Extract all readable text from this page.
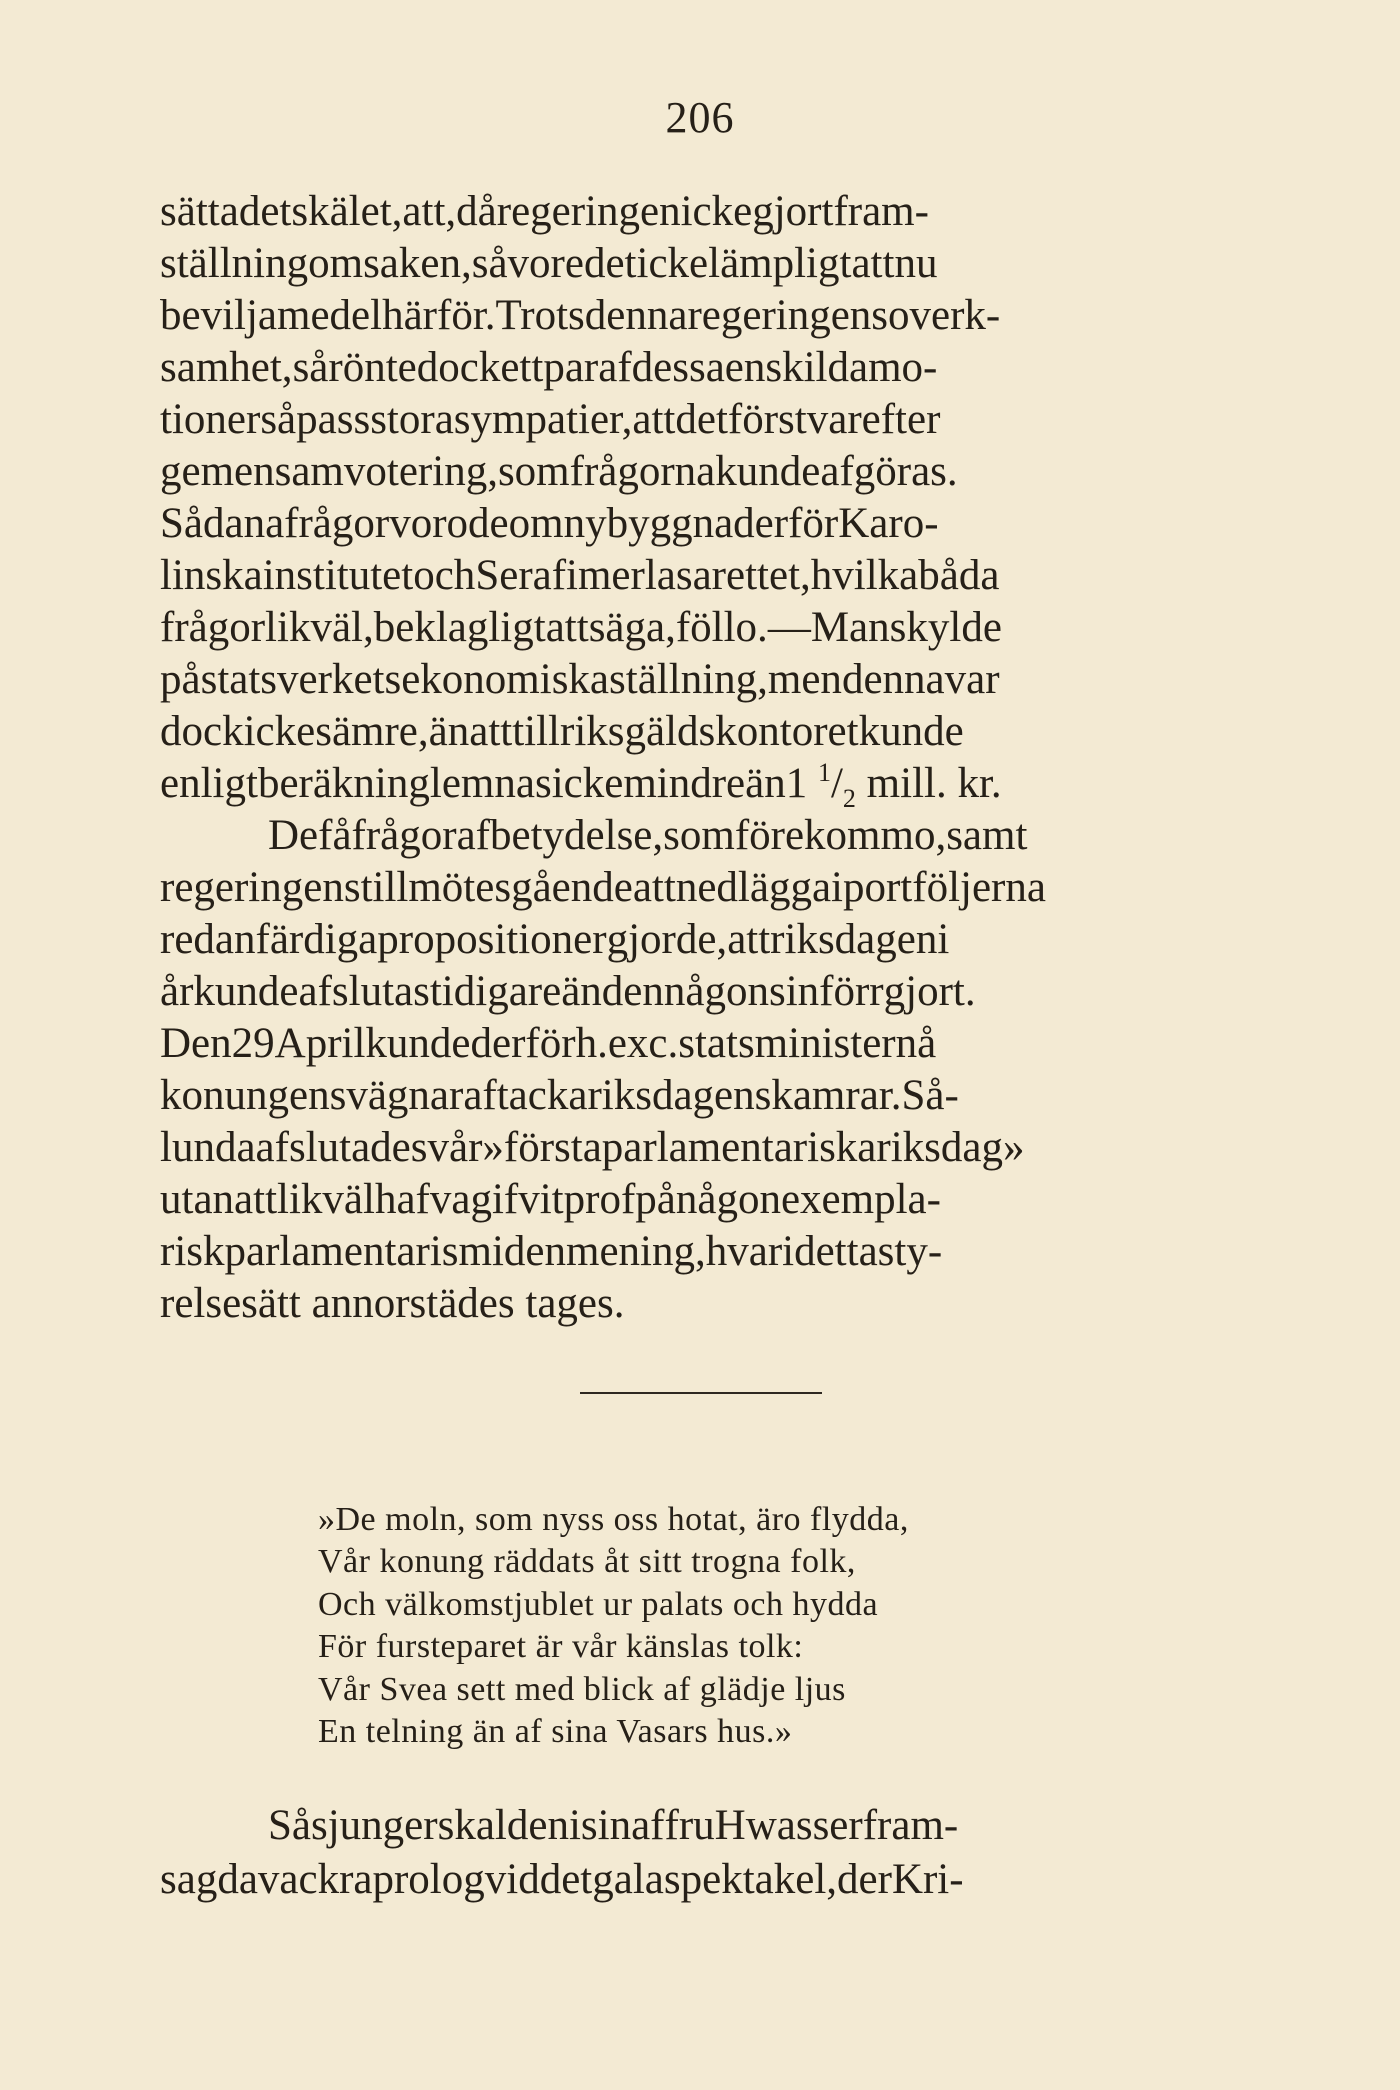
206
sättadetskälet,att,dåregeringenickegjortfram-
ställningomsaken,såvoredetickelämpligtattnu
beviljamedelhärför.Trotsdennaregeringensoverk-
samhet,såröntedockettparafdessaenskildamo-
tionersåpassstorasympatier,attdetförstvarefter
gemensamvotering,somfrågornakundeafgöras.
SådanafrågorvorodeomnybyggnaderförKaro-
linskainstitutetochSerafimerlasarettet,hvilkabåda
frågorlikväl,beklagligtattsäga,föllo.—Manskylde
påstatsverketsekonomiskaställning,mendennavar
dockickesämre,änatttillriksgäldskontoretkunde
enligtberäkninglemnasickemindreän1 $^1/_2$ mill. kr.
Defåfrågorafbetydelse,somförekommo,samt
regeringenstillmötesgåendeattnedläggaiportföljerna
redanfärdigapropositionergjorde,attriksdageni
årkundeafslutastidigareändennågonsinförrgjort.
Den29Aprilkundederförh.exc.statsministernå
konungensvägnaraftackariksdagenskamrar.Så-
lundaafslutadesvår»förstaparlamentariskariksdag»
utanattlikvälhafvagifvitprofpånågonexempla-
riskparlamentarismidenmening,hvaridettasty-
relsesätt annorstädes tages.
»De moln, som nyss oss hotat, äro flydda,
Vår konung räddats åt sitt trogna folk,
Och välkomstjublet ur palats och hydda
För fursteparet är vår känslas tolk:
Vår Svea sett med blick af glädje ljus
En telning än af sina Vasars hus.»
SåsjungerskaldenisinaffruHwasserfram-
sagdavackraprologviddetgalaspektakel,derKri-
